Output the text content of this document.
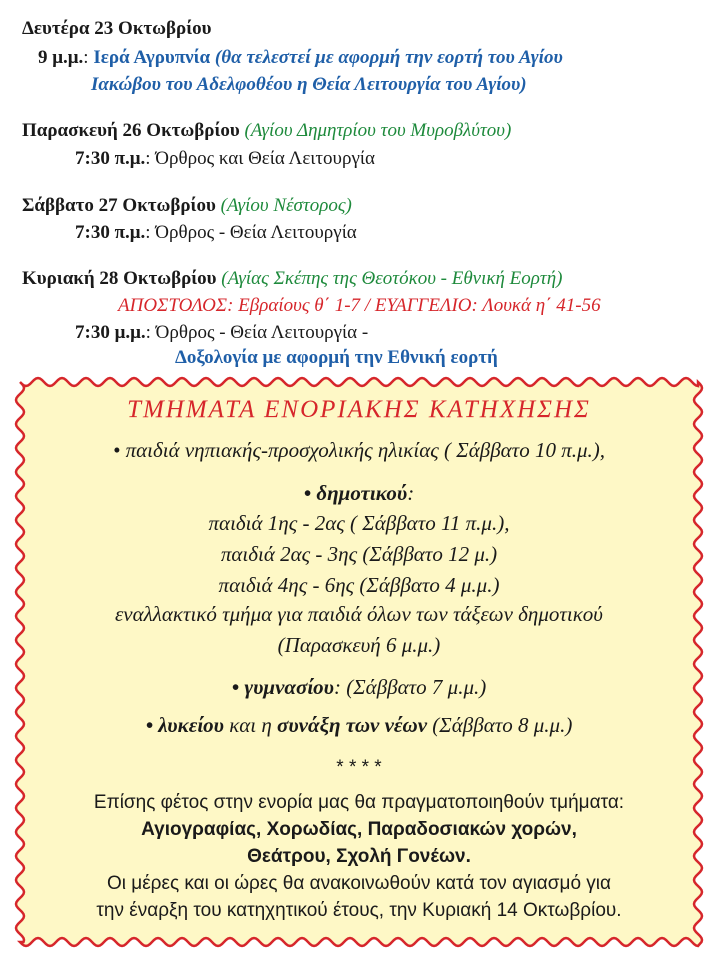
Δευτέρα 23 Οκτωβρίου
9 μ.μ.: Ιερά Αγρυπνία (θα τελεστεί με αφορμή την εορτή του Αγίου
Ιακώβου του Αδελφοθέου η Θεία Λειτουργία του Αγίου)
Παρασκευή 26 Οκτωβρίου (Αγίου Δημητρίου του Μυροβλύτου)
7:30 π.μ.: Όρθρος και Θεία Λειτουργία
Σάββατο 27 Οκτωβρίου (Αγίου Νέστορος)
7:30 π.μ.: Όρθρος - Θεία Λειτουργία
Κυριακή 28 Οκτωβρίου (Αγίας Σκέπης της Θεοτόκου - Εθνική Εορτή)
ΑΠΟΣΤΟΛΟΣ: Εβραίους θ΄ 1-7 / ΕΥΑΓΓΕΛΙΟ: Λουκά η΄ 41-56
7:30 μ.μ.: Όρθρος - Θεία Λειτουργία -
Δοξολογία με αφορμή την Εθνική εορτή
ΤΜΗΜΑΤΑ ΕΝΟΡΙΑΚΗΣ ΚΑΤΗΧΗΣΗΣ
• παιδιά νηπιακής-προσχολικής ηλικίας ( Σάββατο 10 π.μ.),
• δημοτικού:
παιδιά 1ης - 2ας ( Σάββατο 11 π.μ.),
παιδιά 2ας - 3ης (Σάββατο 12 μ.)
παιδιά 4ης - 6ης (Σάββατο 4 μ.μ.)
εναλλακτικό τμήμα για παιδιά όλων των τάξεων δημοτικού
(Παρασκευή 6 μ.μ.)
• γυμνασίου: (Σάββατο 7 μ.μ.)
• λυκείου και η συνάξη των νέων (Σάββατο 8 μ.μ.)
* * * *
Επίσης φέτος στην ενορία μας θα πραγματοποιηθούν τμήματα:
Αγιογραφίας, Χορωδίας, Παραδοσιακών χορών,
Θεάτρου, Σχολή Γονέων.
Οι μέρες και οι ώρες θα ανακοινωθούν κατά τον αγιασμό για
την έναρξη του κατηχητικού έτους, την Κυριακή 14 Οκτωβρίου.
